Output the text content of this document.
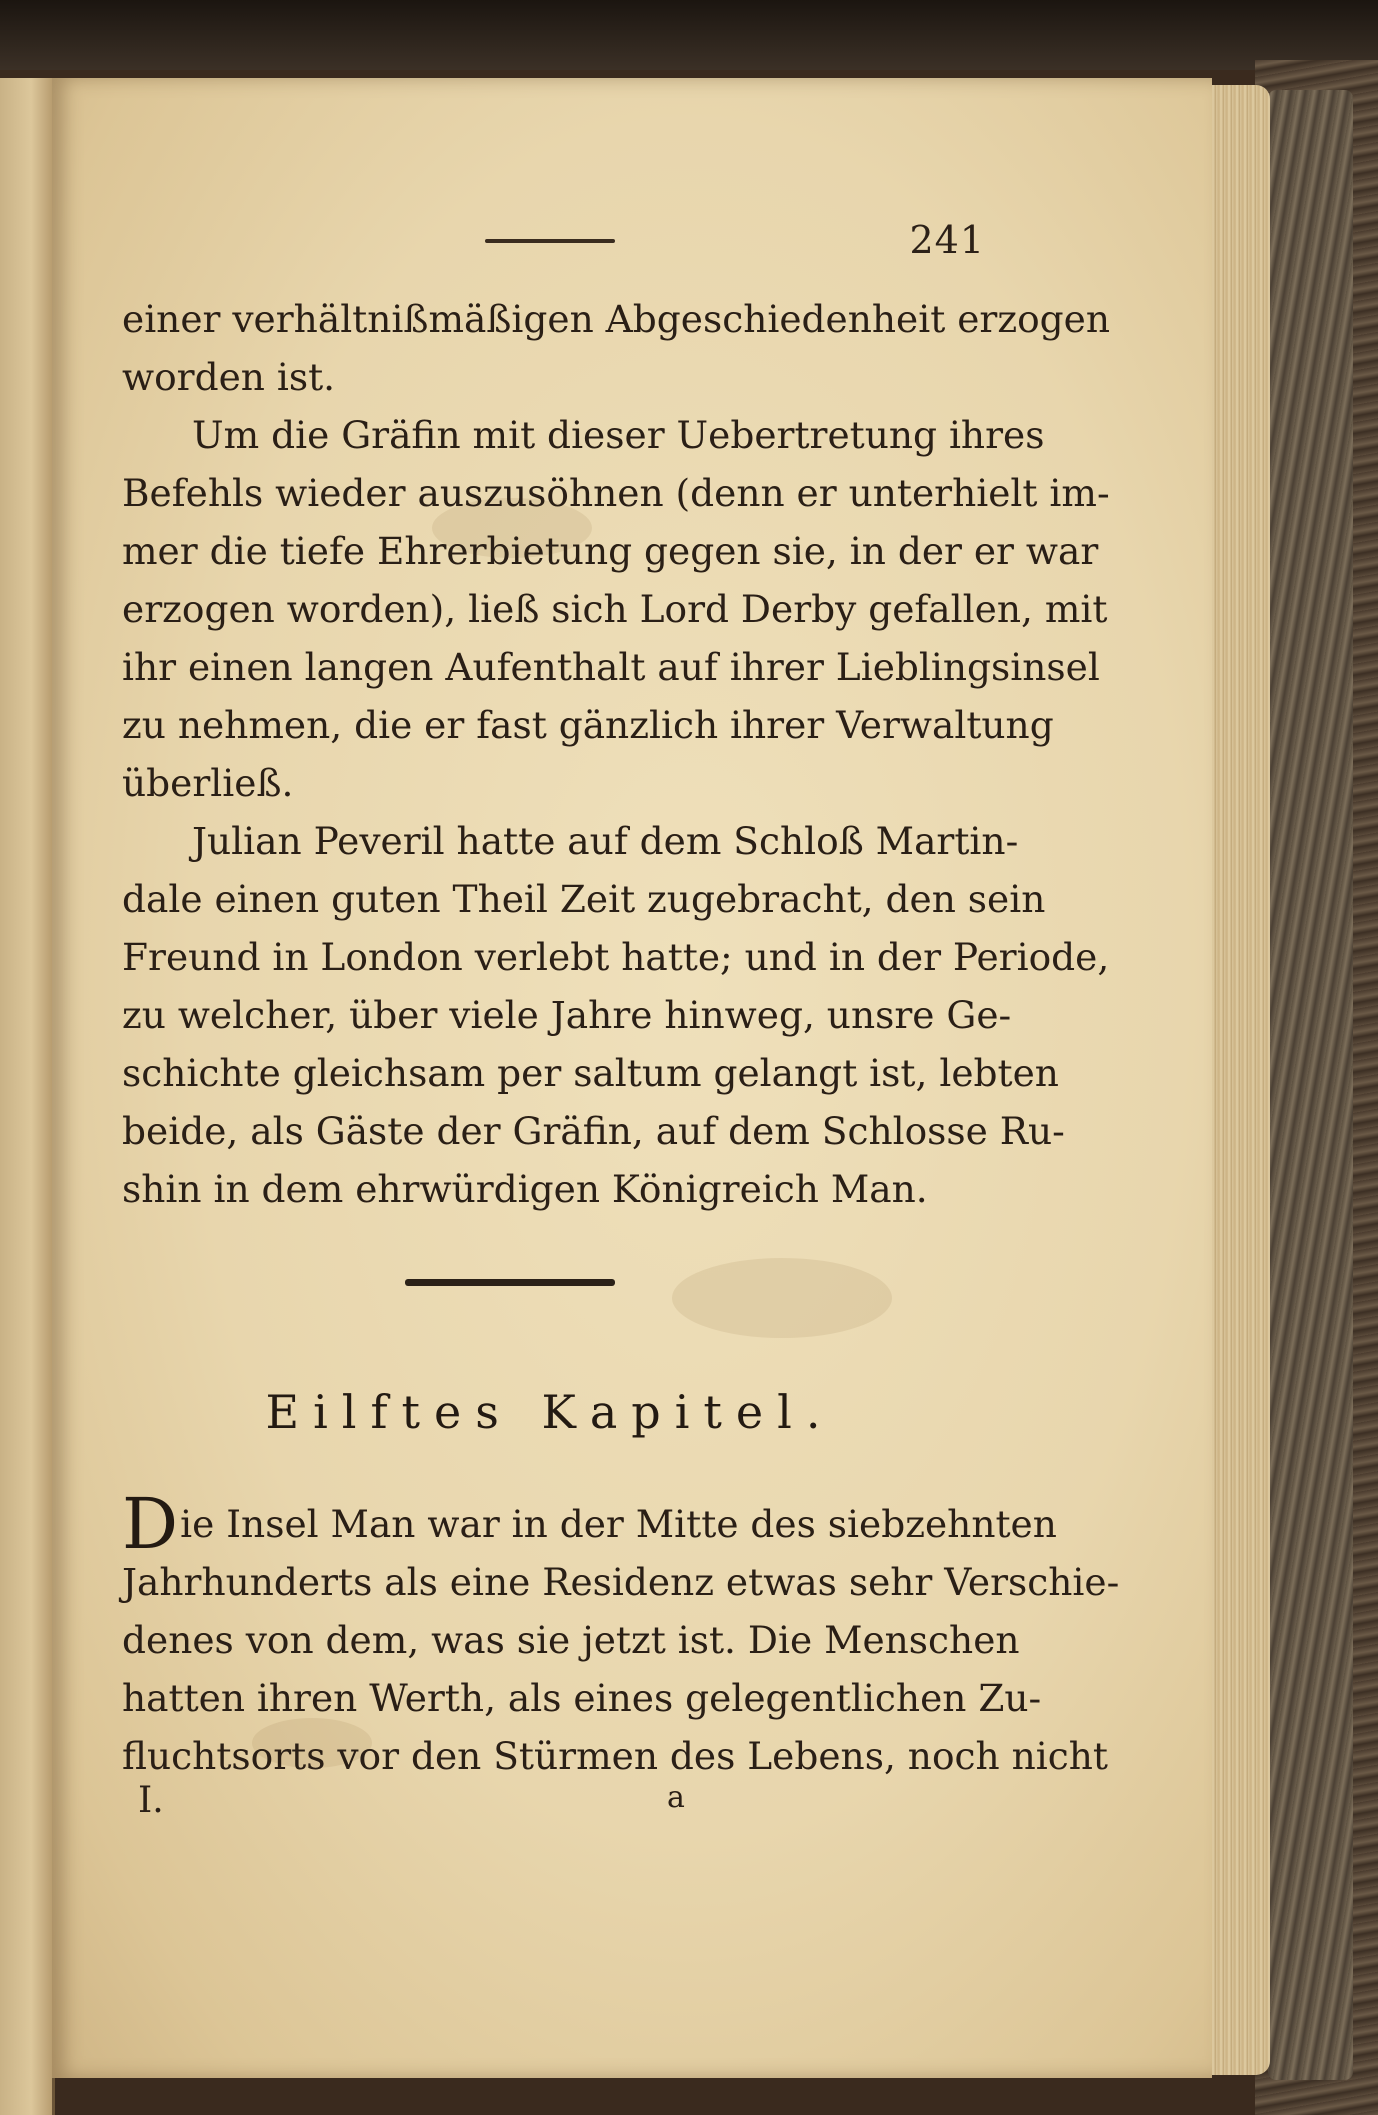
241
einer verhältnißmäßigen Abgeschiedenheit erzogen
worden ist.
Um die Gräfin mit dieser Uebertretung ihres
Befehls wieder auszusöhnen (denn er unterhielt im-
mer die tiefe Ehrerbietung gegen sie, in der er war
erzogen worden), ließ sich Lord Derby gefallen, mit
ihr einen langen Aufenthalt auf ihrer Lieblingsinsel
zu nehmen, die er fast gänzlich ihrer Verwaltung
überließ.
Julian Peveril hatte auf dem Schloß Martin-
dale einen guten Theil Zeit zugebracht, den sein
Freund in London verlebt hatte; und in der Periode,
zu welcher, über viele Jahre hinweg, unsre Ge-
schichte gleichsam per saltum gelangt ist, lebten
beide, als Gäste der Gräfin, auf dem Schlosse Ru-
shin in dem ehrwürdigen Königreich Man.
Eilftes Kapitel.
Die Insel Man war in der Mitte des siebzehnten
Jahrhunderts als eine Residenz etwas sehr Verschie-
denes von dem, was sie jetzt ist. Die Menschen
hatten ihren Werth, als eines gelegentlichen Zu-
fluchtsorts vor den Stürmen des Lebens, noch nicht
I.	a
